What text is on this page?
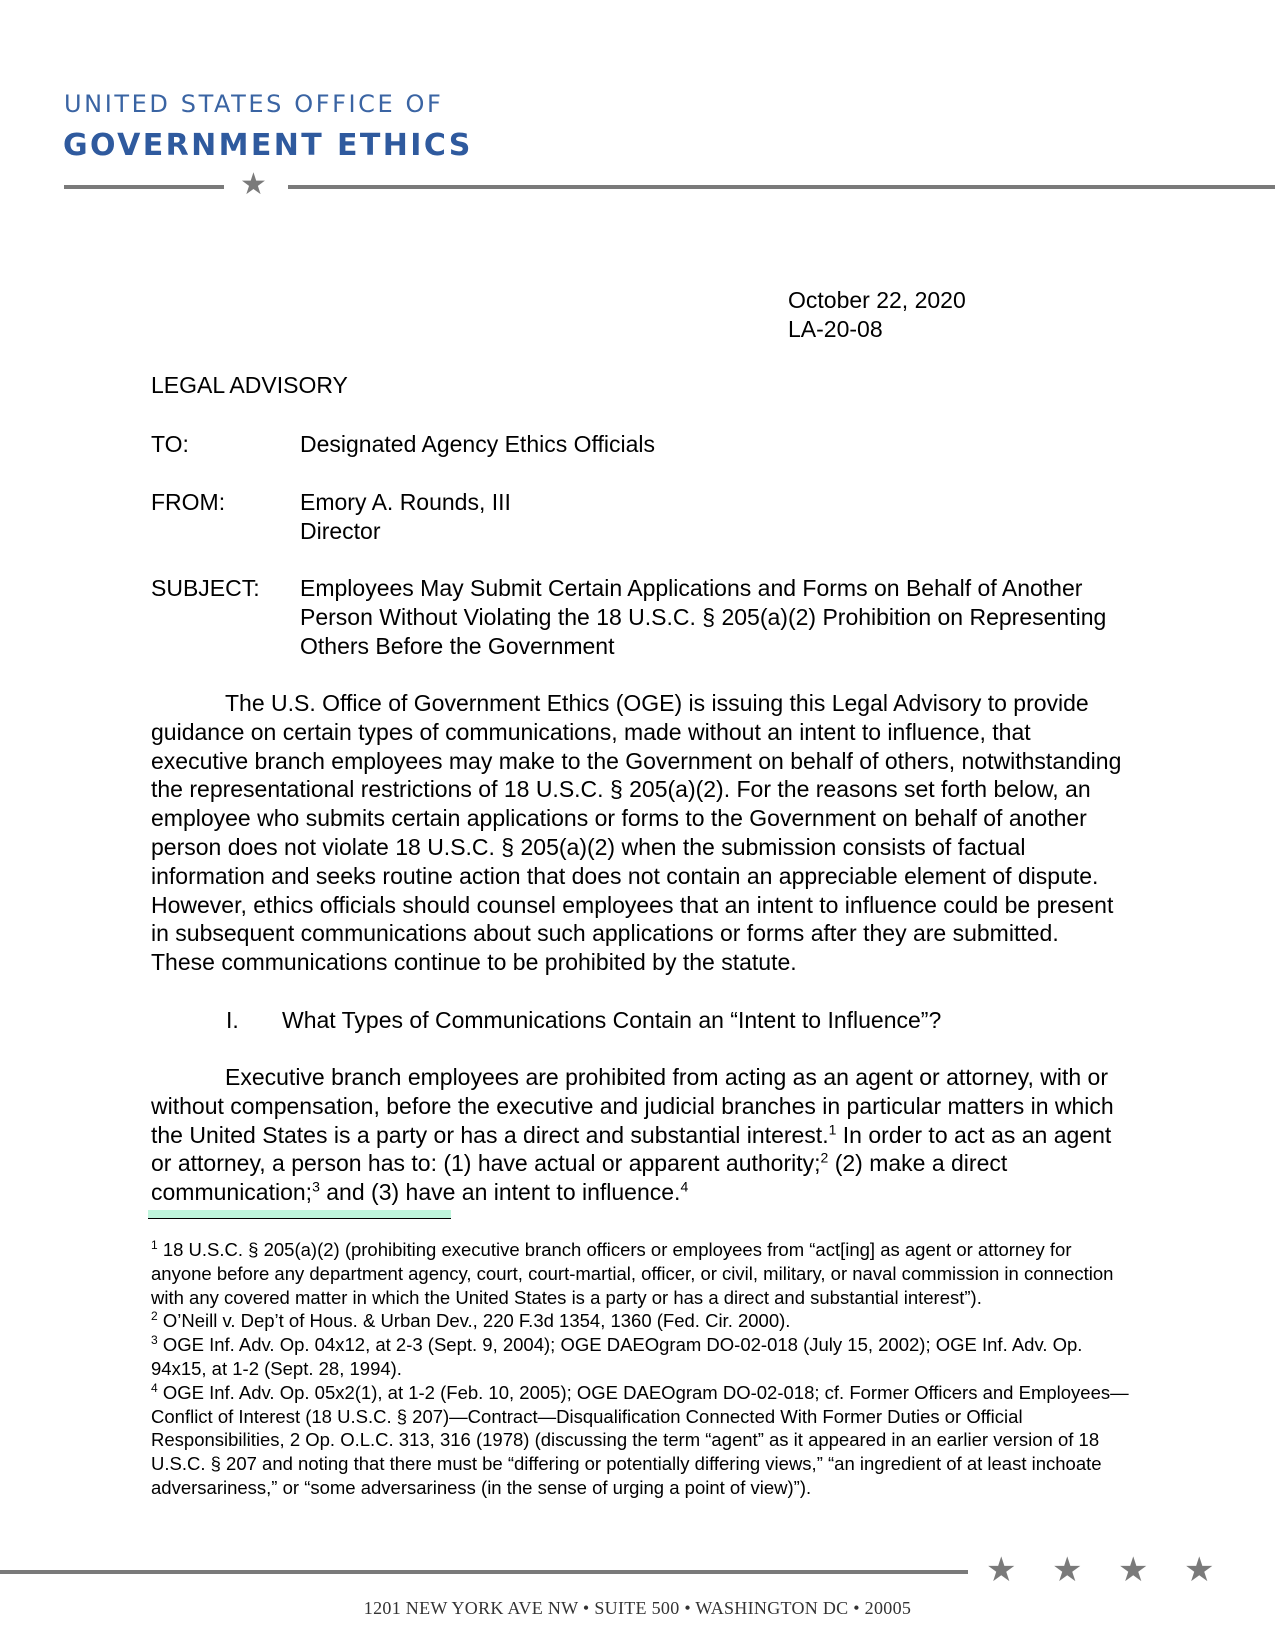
UNITED STATES OFFICE OF
GOVERNMENT ETHICS
★
October 22, 2020
LA-20-08
LEGAL ADVISORY
TO:	Designated Agency Ethics Officials
FROM:	Emory A. Rounds, III
Director
SUBJECT: Employees May Submit Certain Applications and Forms on Behalf of Another Person Without Violating the 18 U.S.C. § 205(a)(2) Prohibition on Representing Others Before the Government
The U.S. Office of Government Ethics (OGE) is issuing this Legal Advisory to provide guidance on certain types of communications, made without an intent to influence, that executive branch employees may make to the Government on behalf of others, notwithstanding the representational restrictions of 18 U.S.C. § 205(a)(2). For the reasons set forth below, an employee who submits certain applications or forms to the Government on behalf of another person does not violate 18 U.S.C. § 205(a)(2) when the submission consists of factual information and seeks routine action that does not contain an appreciable element of dispute. However, ethics officials should counsel employees that an intent to influence could be present in subsequent communications about such applications or forms after they are submitted. These communications continue to be prohibited by the statute.
I. What Types of Communications Contain an “Intent to Influence”?
Executive branch employees are prohibited from acting as an agent or attorney, with or without compensation, before the executive and judicial branches in particular matters in which the United States is a party or has a direct and substantial interest.$^1$ In order to act as an agent or attorney, a person has to: (1) have actual or apparent authority;$^2$ (2) make a direct communication;$^3$ and (3) have an intent to influence.$^4$
$^1$ 18 U.S.C. § 205(a)(2) (prohibiting executive branch officers or employees from “act[ing] as agent or attorney for anyone before any department agency, court, court-martial, officer, or civil, military, or naval commission in connection with any covered matter in which the United States is a party or has a direct and substantial interest”).
$^2$ O’Neill v. Dep’t of Hous. & Urban Dev., 220 F.3d 1354, 1360 (Fed. Cir. 2000).
$^3$ OGE Inf. Adv. Op. 04x12, at 2-3 (Sept. 9, 2004); OGE DAEOgram DO-02-018 (July 15, 2002); OGE Inf. Adv. Op. 94x15, at 1-2 (Sept. 28, 1994).
$^4$ OGE Inf. Adv. Op. 05x2(1), at 1-2 (Feb. 10, 2005); OGE DAEOgram DO-02-018; cf. Former Officers and Employees—Conflict of Interest (18 U.S.C. § 207)—Contract—Disqualification Connected With Former Duties or Official Responsibilities, 2 Op. O.L.C. 313, 316 (1978) (discussing the term “agent” as it appeared in an earlier version of 18 U.S.C. § 207 and noting that there must be “differing or potentially differing views,” “an ingredient of at least inchoate adversariness,” or “some adversariness (in the sense of urging a point of view)”).
★ ★ ★ ★
1201 NEW YORK AVE NW • SUITE 500 • WASHINGTON DC • 20005
